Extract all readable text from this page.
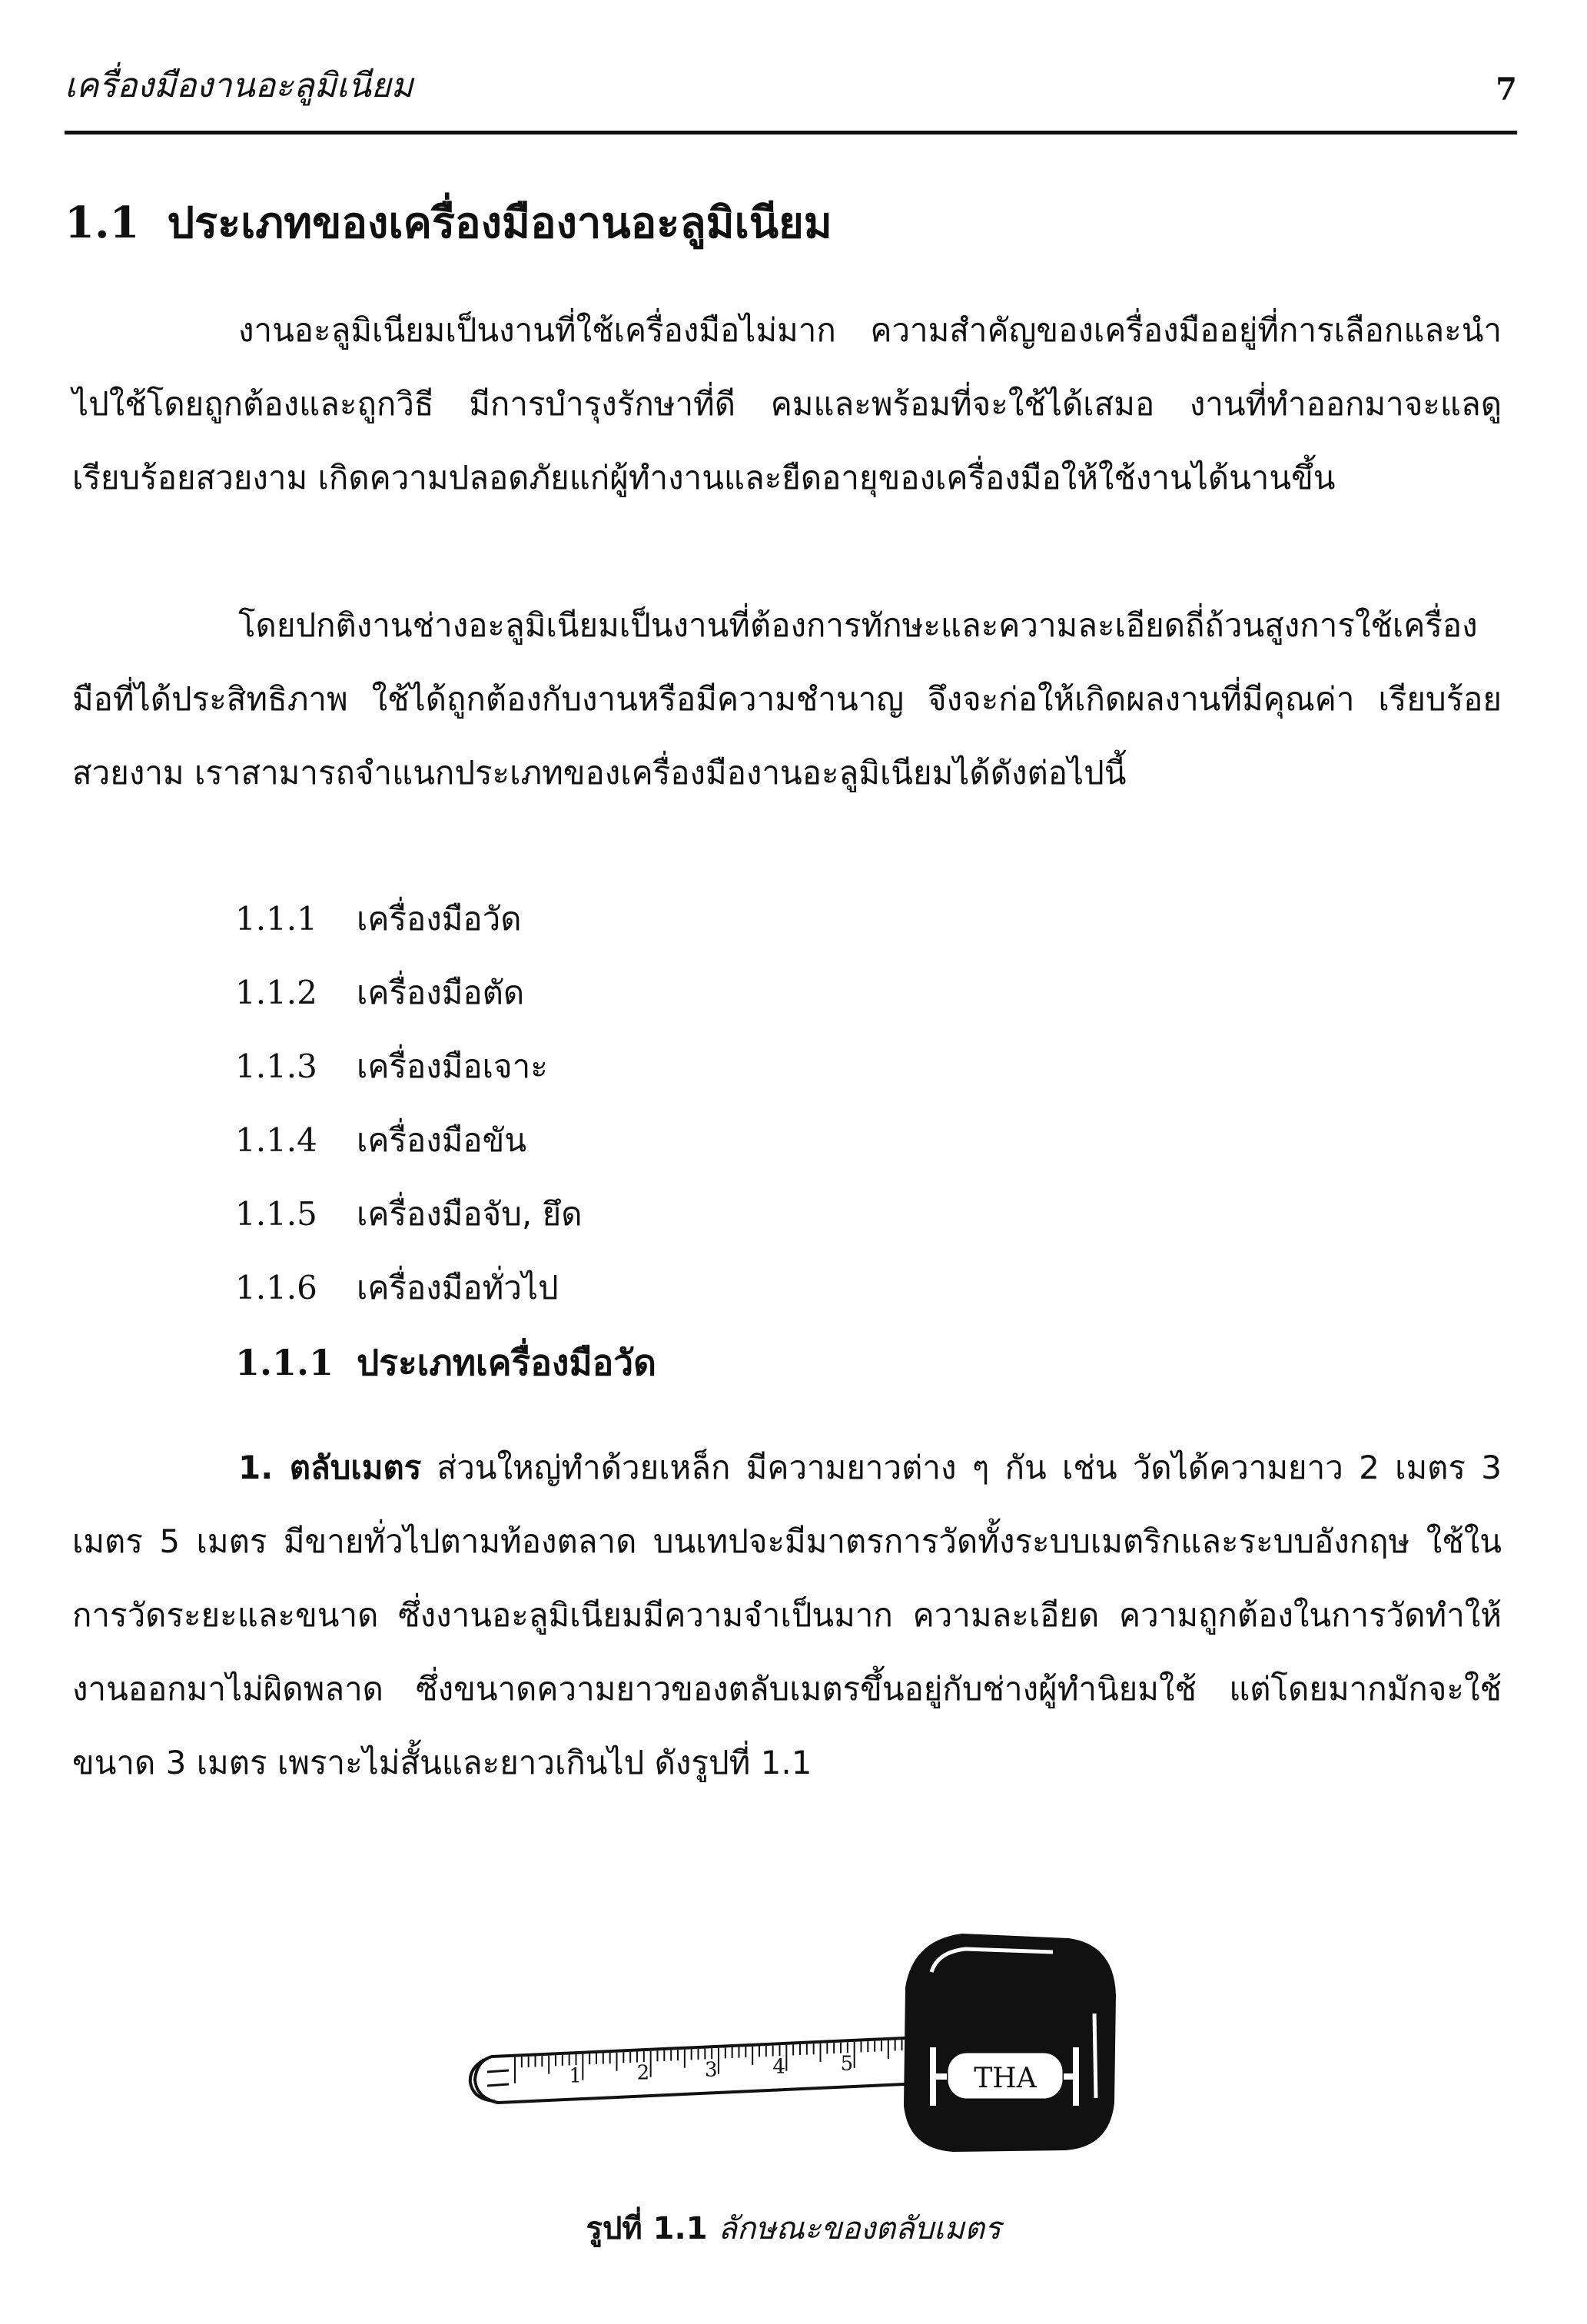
เครื่องมืองานอะลูมิเนียม	7
1.1 ประเภทของเครื่องมืองานอะลูมิเนียม

งานอะลูมิเนียมเป็นงานที่ใช้เครื่องมือไม่มาก ความสำคัญของเครื่องมืออยู่ที่การเลือกและนำไปใช้โดยถูกต้องและถูกวิธี มีการบำรุงรักษาที่ดี คมและพร้อมที่จะใช้ได้เสมอ งานที่ทำออกมาจะแลดูเรียบร้อยสวยงาม เกิดความปลอดภัยแก่ผู้ทำงานและยืดอายุของเครื่องมือให้ใช้งานได้นานขึ้น

โดยปกติงานช่างอะลูมิเนียมเป็นงานที่ต้องการทักษะและความละเอียดถี่ถ้วนสูงการใช้เครื่องมือที่ได้ประสิทธิภาพ ใช้ได้ถูกต้องกับงานหรือมีความชำนาญ จึงจะก่อให้เกิดผลงานที่มีคุณค่า เรียบร้อย สวยงาม เราสามารถจำแนกประเภทของเครื่องมืองานอะลูมิเนียมได้ดังต่อไปนี้

1.1.1 เครื่องมือวัด
1.1.2 เครื่องมือตัด
1.1.3 เครื่องมือเจาะ
1.1.4 เครื่องมือขัน
1.1.5 เครื่องมือจับ, ยึด
1.1.6 เครื่องมือทั่วไป
1.1.1 ประเภทเครื่องมือวัด

1. ตลับเมตร ส่วนใหญ่ทำด้วยเหล็ก มีความยาวต่าง ๆ กัน เช่น วัดได้ความยาว 2 เมตร 3 เมตร 5 เมตร มีขายทั่วไปตามท้องตลาด บนเทปจะมีมาตรการวัดทั้งระบบเมตริกและระบบอังกฤษ ใช้ในการวัดระยะและขนาด ซึ่งงานอะลูมิเนียมมีความจำเป็นมาก ความละเอียด ความถูกต้องในการวัดทำให้งานออกมาไม่ผิดพลาด ซึ่งขนาดความยาวของตลับเมตรขึ้นอยู่กับช่างผู้ทำนิยมใช้ แต่โดยมากมักจะใช้ขนาด 3 เมตร เพราะไม่สั้นและยาวเกินไป ดังรูปที่ 1.1

1	2	3	4	5	THA
รูปที่ 1.1 ลักษณะของตลับเมตร
